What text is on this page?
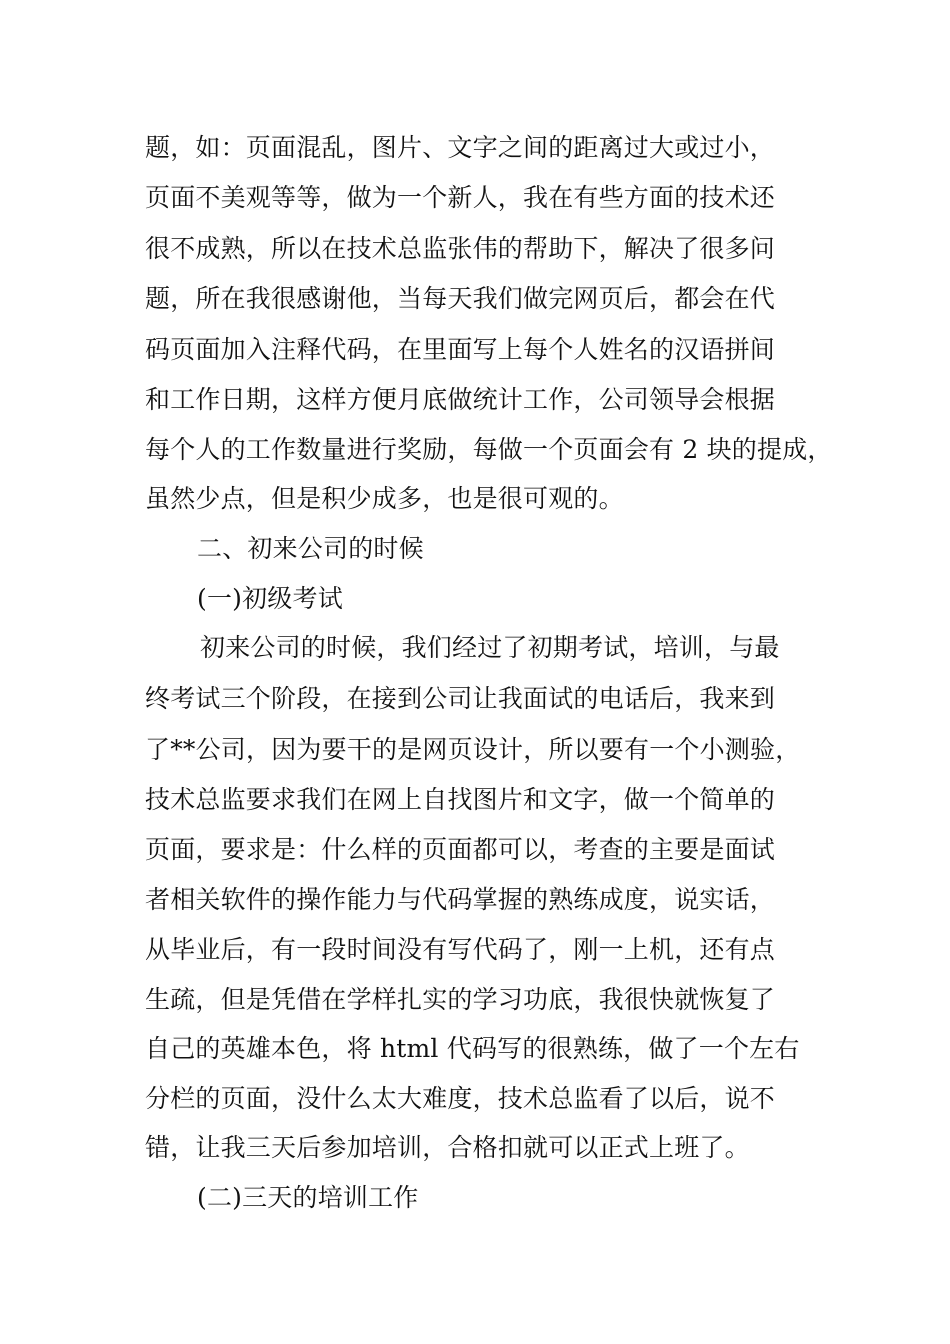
题，如：页面混乱，图片、文字之间的距离过大或过小，

页面不美观等等，做为一个新人，我在有些方面的技术还

很不成熟，所以在技术总监张伟的帮助下，解决了很多问

题，所在我很感谢他，当每天我们做完网页后，都会在代

码页面加入注释代码，在里面写上每个人姓名的汉语拼间

和工作日期，这样方便月底做统计工作，公司领导会根据

每个人的工作数量进行奖励，每做一个页面会有 2 块的提成，

虽然少点，但是积少成多，也是很可观的。

二、初来公司的时候

(一)初级考试

初来公司的时候，我们经过了初期考试，培训，与最

终考试三个阶段，在接到公司让我面试的电话后，我来到

了**公司，因为要干的是网页设计，所以要有一个小测验，

技术总监要求我们在网上自找图片和文字，做一个简单的

页面，要求是：什么样的页面都可以，考查的主要是面试

者相关软件的操作能力与代码掌握的熟练成度，说实话，

从毕业后，有一段时间没有写代码了，刚一上机，还有点

生疏，但是凭借在学样扎实的学习功底，我很快就恢复了

自己的英雄本色，将 html 代码写的很熟练，做了一个左右

分栏的页面，没什么太大难度，技术总监看了以后，说不

错，让我三天后参加培训，合格扣就可以正式上班了。

(二)三天的培训工作
